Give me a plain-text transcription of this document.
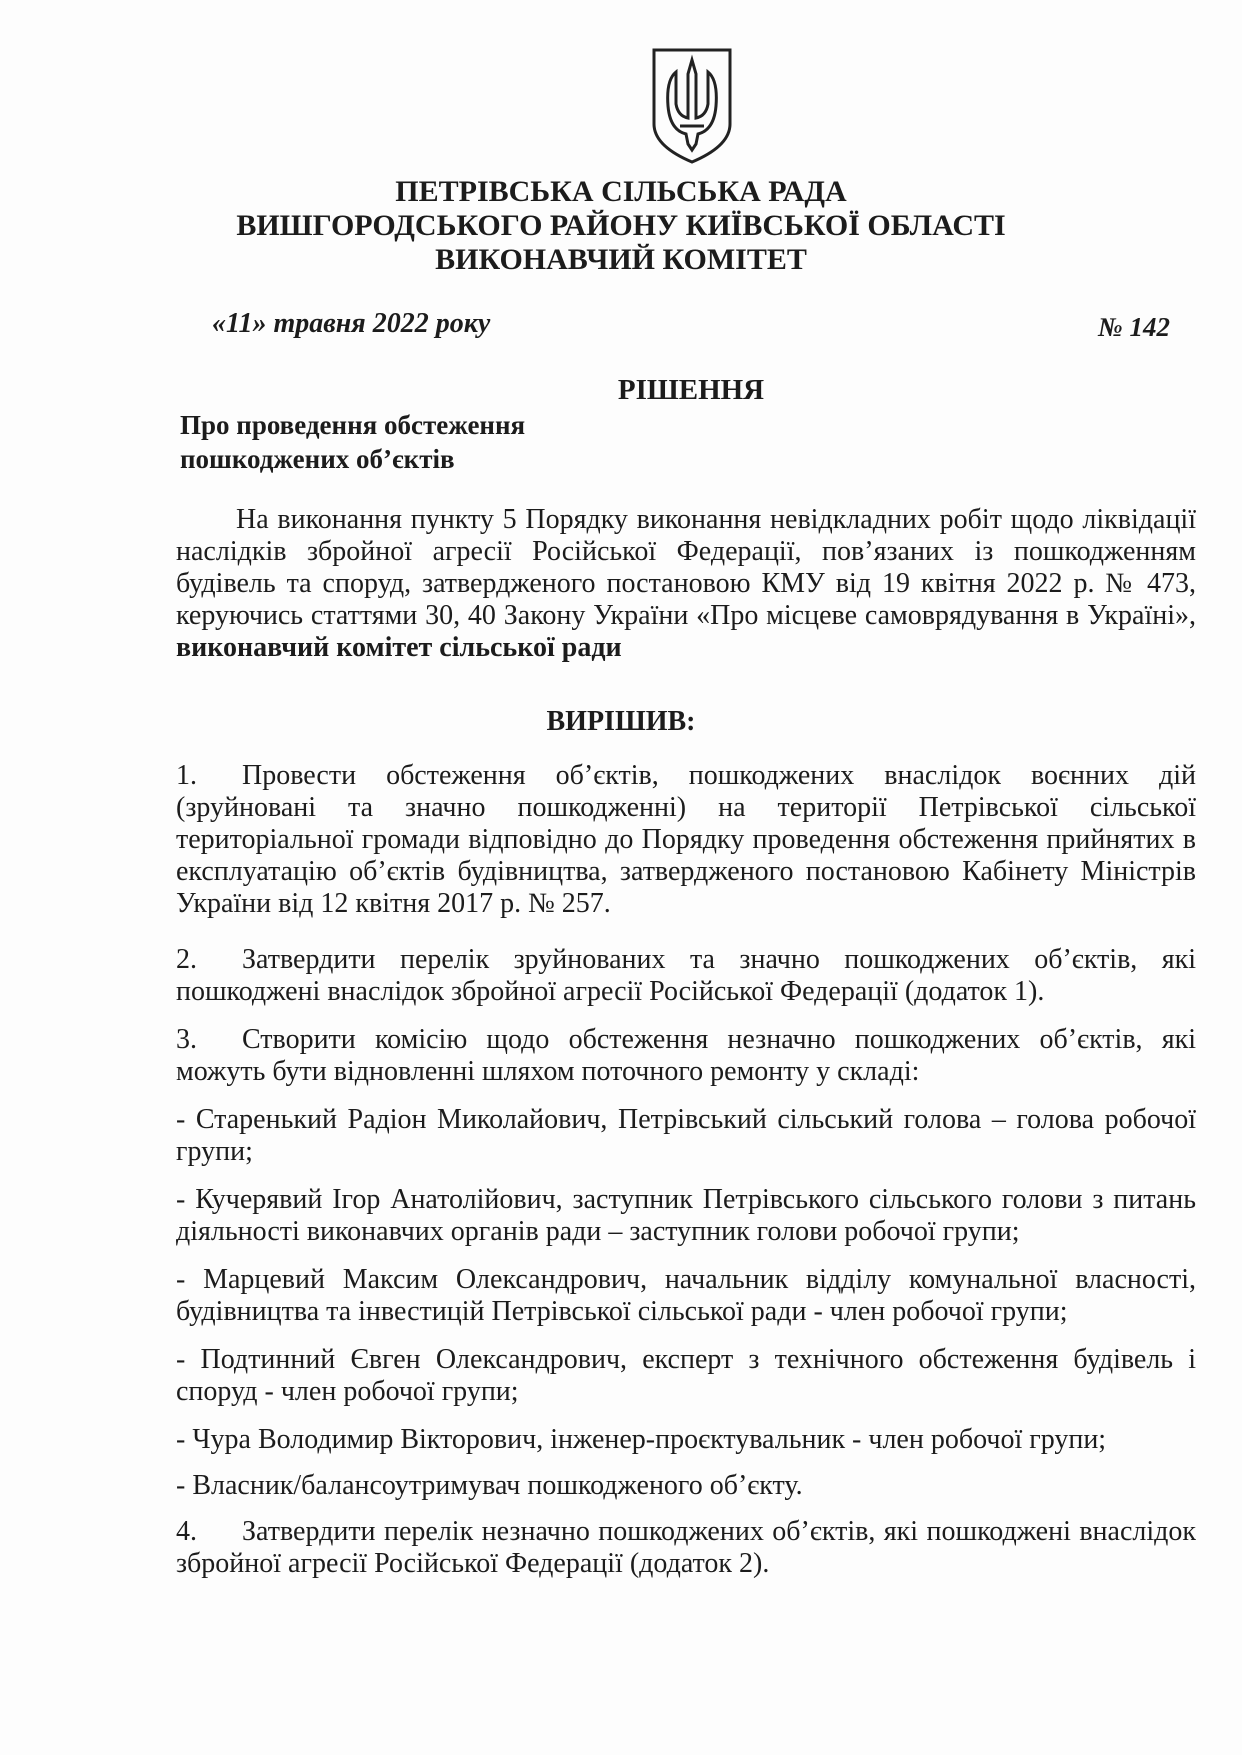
ПЕТРІВСЬКА СІЛЬСЬКА РАДА
ВИШГОРОДСЬКОГО РАЙОНУ КИЇВСЬКОЇ ОБЛАСТІ
ВИКОНАВЧИЙ КОМІТЕТ
«11» травня 2022 року	№ 142
РІШЕННЯ
Про проведення обстеження
пошкоджених об’єктів
На виконання пункту 5 Порядку виконання невідкладних робіт щодо ліквідації наслідків збройної агресії Російської Федерації, пов’язаних із пошкодженням будівель та споруд, затвердженого постановою КМУ від 19 квітня 2022 р. № 473, керуючись статтями 30, 40 Закону України «Про місцеве самоврядування в Україні», виконавчий комітет сільської ради
ВИРІШИВ:
1. Провести обстеження об’єктів, пошкоджених внаслідок воєнних дій (зруйновані та значно пошкодженні) на території Петрівської сільської територіальної громади відповідно до Порядку проведення обстеження прийнятих в експлуатацію об’єктів будівництва, затвердженого постановою Кабінету Міністрів України від 12 квітня 2017 р. № 257.
2. Затвердити перелік зруйнованих та значно пошкоджених об’єктів, які пошкоджені внаслідок збройної агресії Російської Федерації (додаток 1).
3. Створити комісію щодо обстеження незначно пошкоджених об’єктів, які можуть бути відновленні шляхом поточного ремонту у складі:
- Старенький Радіон Миколайович, Петрівський сільський голова – голова робочої групи;
- Кучерявий Ігор Анатолійович, заступник Петрівського сільського голови з питань діяльності виконавчих органів ради – заступник голови робочої групи;
- Марцевий Максим Олександрович, начальник відділу комунальної власності, будівництва та інвестицій Петрівської сільської ради - член робочої групи;
- Подтинний Євген Олександрович, експерт з технічного обстеження будівель і споруд - член робочої групи;
- Чура Володимир Вікторович, інженер-проєктувальник - член робочої групи;
- Власник/балансоутримувач пошкодженого об’єкту.
4. Затвердити перелік незначно пошкоджених об’єктів, які пошкоджені внаслідок збройної агресії Російської Федерації (додаток 2).
